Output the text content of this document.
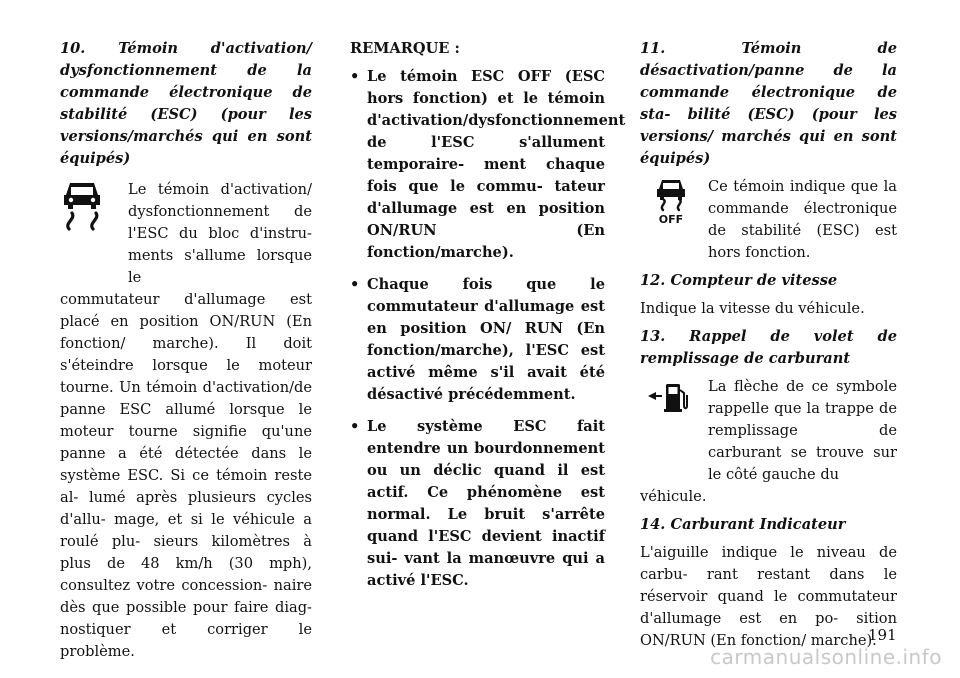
10. Témoin d'activation/ dysfonctionnement de la commande électronique de stabilité (ESC) (pour les versions/marchés qui en sont équipés)

Le témoin d'activation/ dysfonctionnement de l'ESC du bloc d'instru- ments s'allume lorsque le

commutateur d'allumage est placé en position ON/RUN (En fonction/ marche). Il doit s'éteindre lorsque le moteur tourne. Un témoin d'activation/de panne ESC allumé lorsque le moteur tourne signifie qu'une panne a été détectée dans le système ESC. Si ce témoin reste al- lumé après plusieurs cycles d'allu- mage, et si le véhicule a roulé plu- sieurs kilomètres à plus de 48 km/h (30 mph), consultez votre concession- naire dès que possible pour faire diag- nostiquer et corriger le problème.

REMARQUE :

• Le témoin ESC OFF (ESC hors fonction) et le témoin d'activation/dysfonctionnement de l'ESC s'allument temporaire- ment chaque fois que le commu- tateur d'allumage est en position ON/RUN (En fonction/marche).
• Chaque fois que le commutateur d'allumage est en position ON/ RUN (En fonction/marche), l'ESC est activé même s'il avait été désactivé précédemment.
• Le système ESC fait entendre un bourdonnement ou un déclic quand il est actif. Ce phénomène est normal. Le bruit s'arrête quand l'ESC devient inactif sui- vant la manœuvre qui a activé l'ESC.

11. Témoin de désactivation/panne de la commande électronique de sta- bilité (ESC) (pour les versions/ marchés qui en sont équipés)

OFF

Ce témoin indique que la commande électronique de stabilité (ESC) est hors fonction.

12. Compteur de vitesse

Indique la vitesse du véhicule.

13. Rappel de volet de remplissage de carburant

La flèche de ce symbole rappelle que la trappe de remplissage de carburant se trouve sur le côté gauche du

véhicule.

14. Carburant Indicateur

L'aiguille indique le niveau de carbu- rant restant dans le réservoir quand le commutateur d'allumage est en po- sition ON/RUN (En fonction/ marche).

191
carmanualsonline.info
